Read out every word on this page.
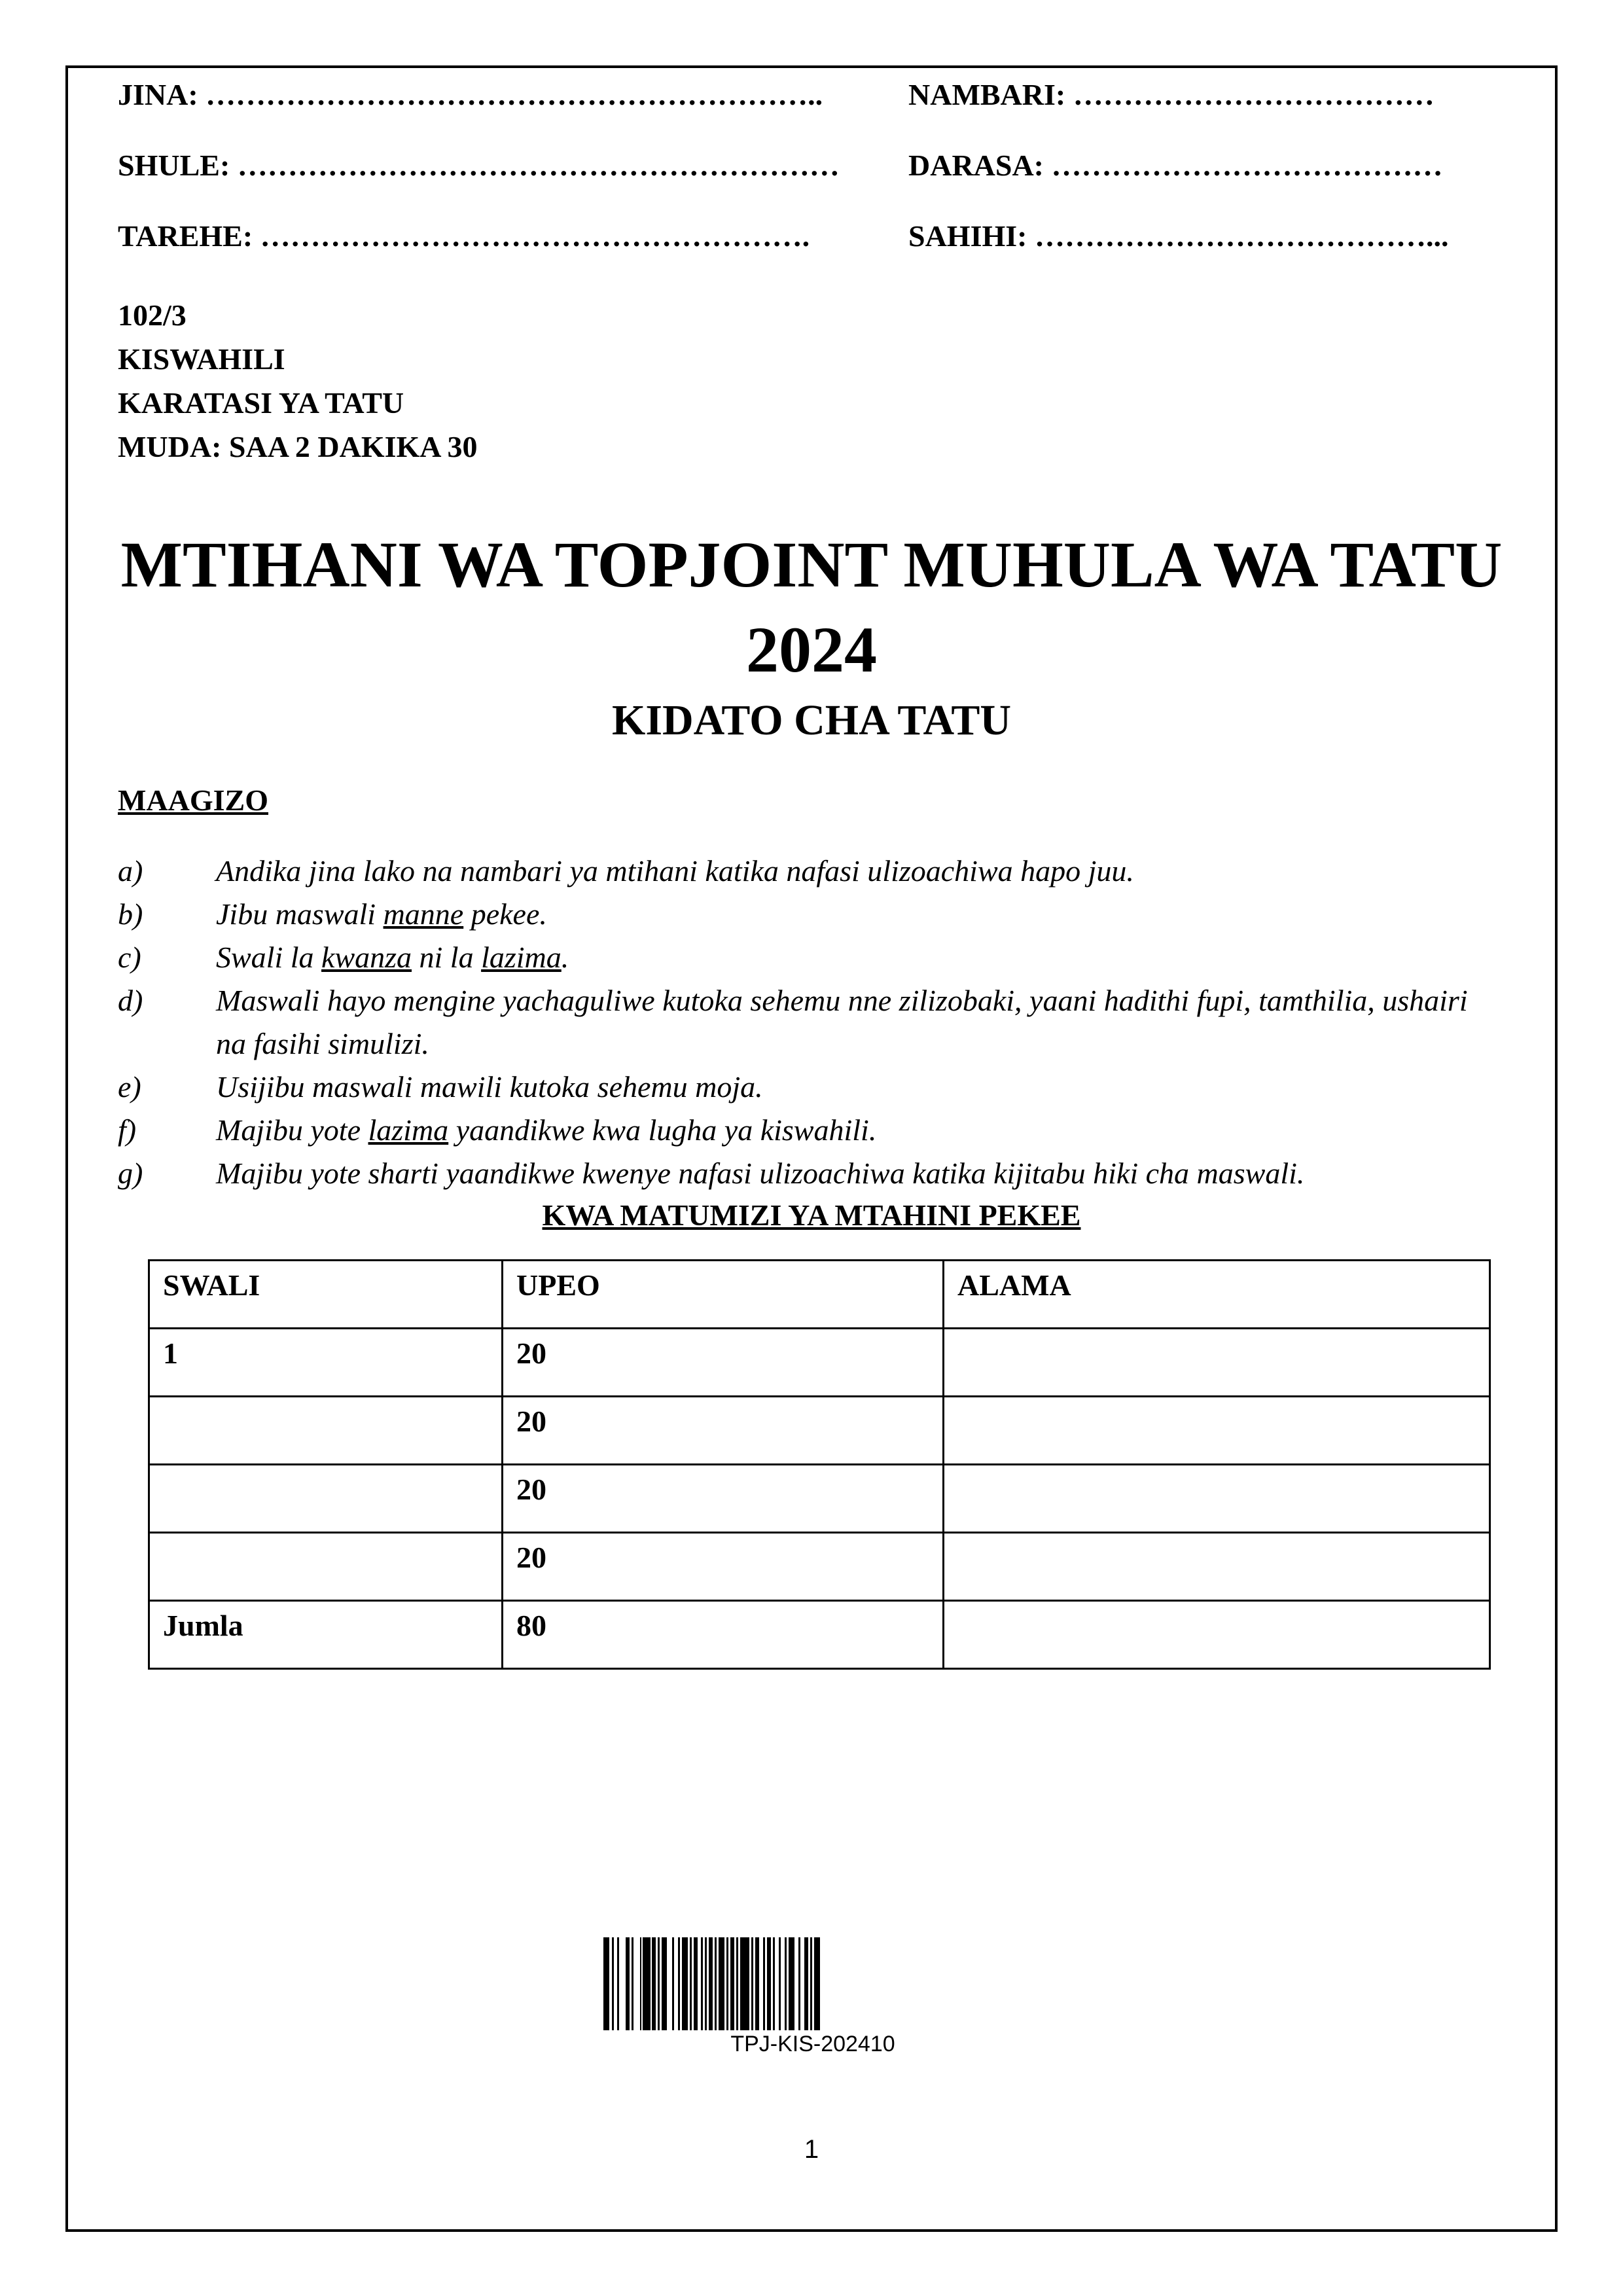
JINA: ……………………………………………………..	NAMBARI: ………………………………
SHULE: …………………………………………………… DARASA: …………………………………
TAREHE: ……………………………………………….	SAHIHI: …………………………………...
102/3
KISWAHILI
KARATASI YA TATU
MUDA: SAA 2 DAKIKA 30
MTIHANI WA TOPJOINT MUHULA WA TATU
2024
KIDATO CHA TATU
MAAGIZO
a)	Andika jina lako na nambari ya mtihani katika nafasi ulizoachiwa hapo juu.
b)	Jibu maswali manne pekee.
c)	Swali la kwanza ni la lazima.
d)	Maswali hayo mengine yachaguliwe kutoka sehemu nne zilizobaki, yaani hadithi fupi, tamthilia, ushairi na fasihi simulizi.
e)	Usijibu maswali mawili kutoka sehemu moja.
f)	Majibu yote lazima yaandikwe kwa lugha ya kiswahili.
g)	Majibu yote sharti yaandikwe kwenye nafasi ulizoachiwa katika kijitabu hiki cha maswali.
KWA MATUMIZI YA MTAHINI PEKEE
SWALI	UPEO	ALAMA
1	20	
	20	
	20	
	20	
Jumla	80	
TPJ-KIS-202410
1
